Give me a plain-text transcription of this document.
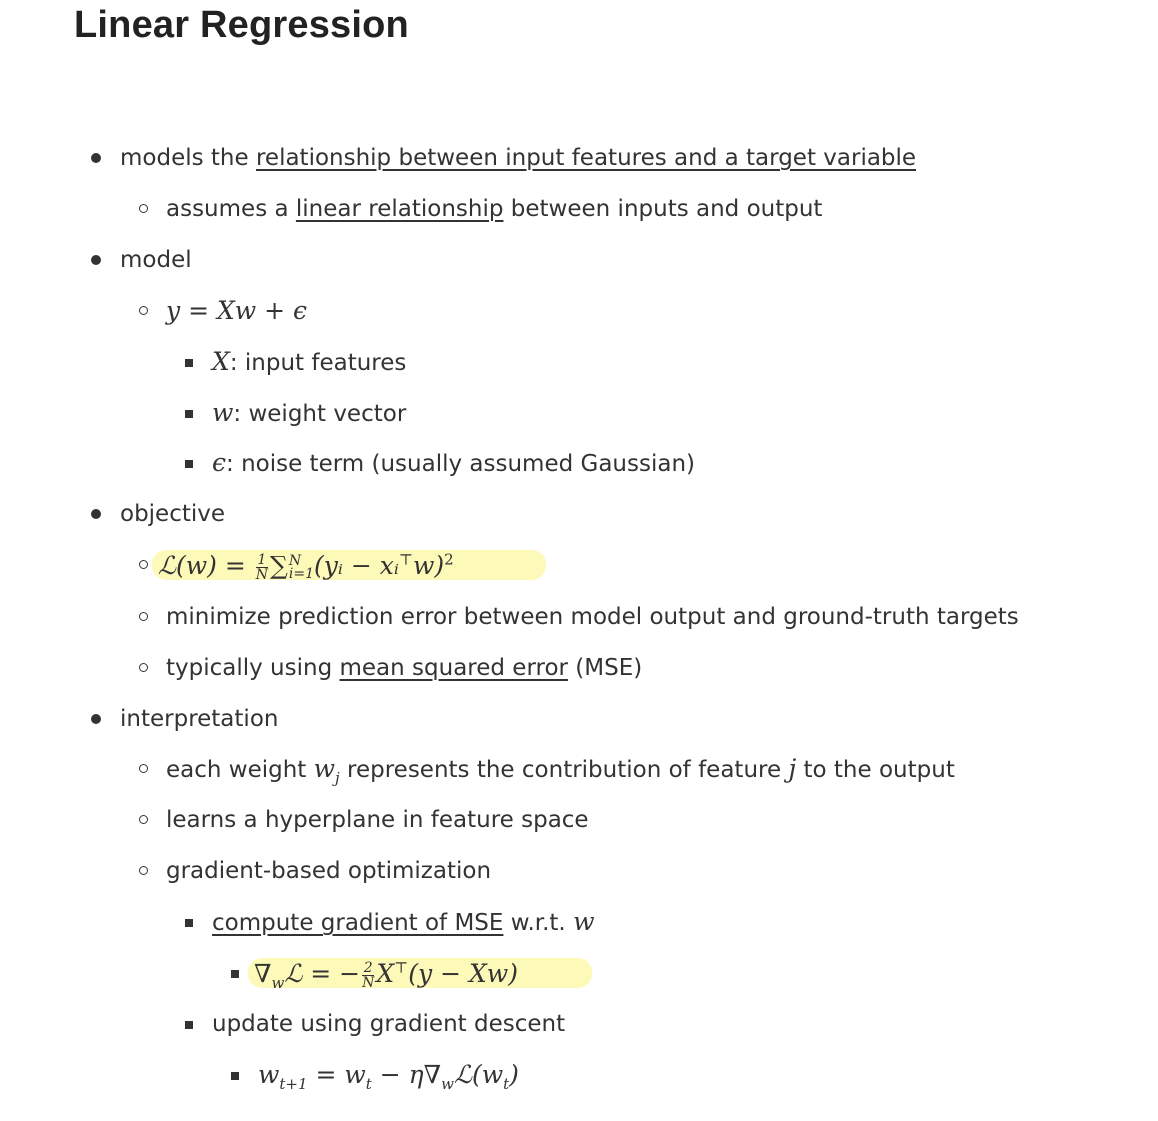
Linear Regression
models the relationship between input features and a target variable
assumes a linear relationship between inputs and output
model
y = Xw + ϵ
X: input features
w: weight vector
ϵ: noise term (usually assumed Gaussian)
objective
ℒ(w) = $\frac{1}{N}$ ∑ N
i=1 (yᵢ − xᵢ⊤w)$^2$
minimize prediction error between model output and ground-truth targets
typically using mean squared error (MSE)
interpretation
each weight $w_j$ represents the contribution of feature j to the output
learns a hyperplane in feature space
gradient-based optimization
compute gradient of MSE w.r.t. w
$\nabla_wℒ$ = − $\frac{2}{N} X^⊤(y - Xw)$
update using gradient descent
$w_{t+1} = w_t$ − $\eta\nabla_wℒ(w_t)$
